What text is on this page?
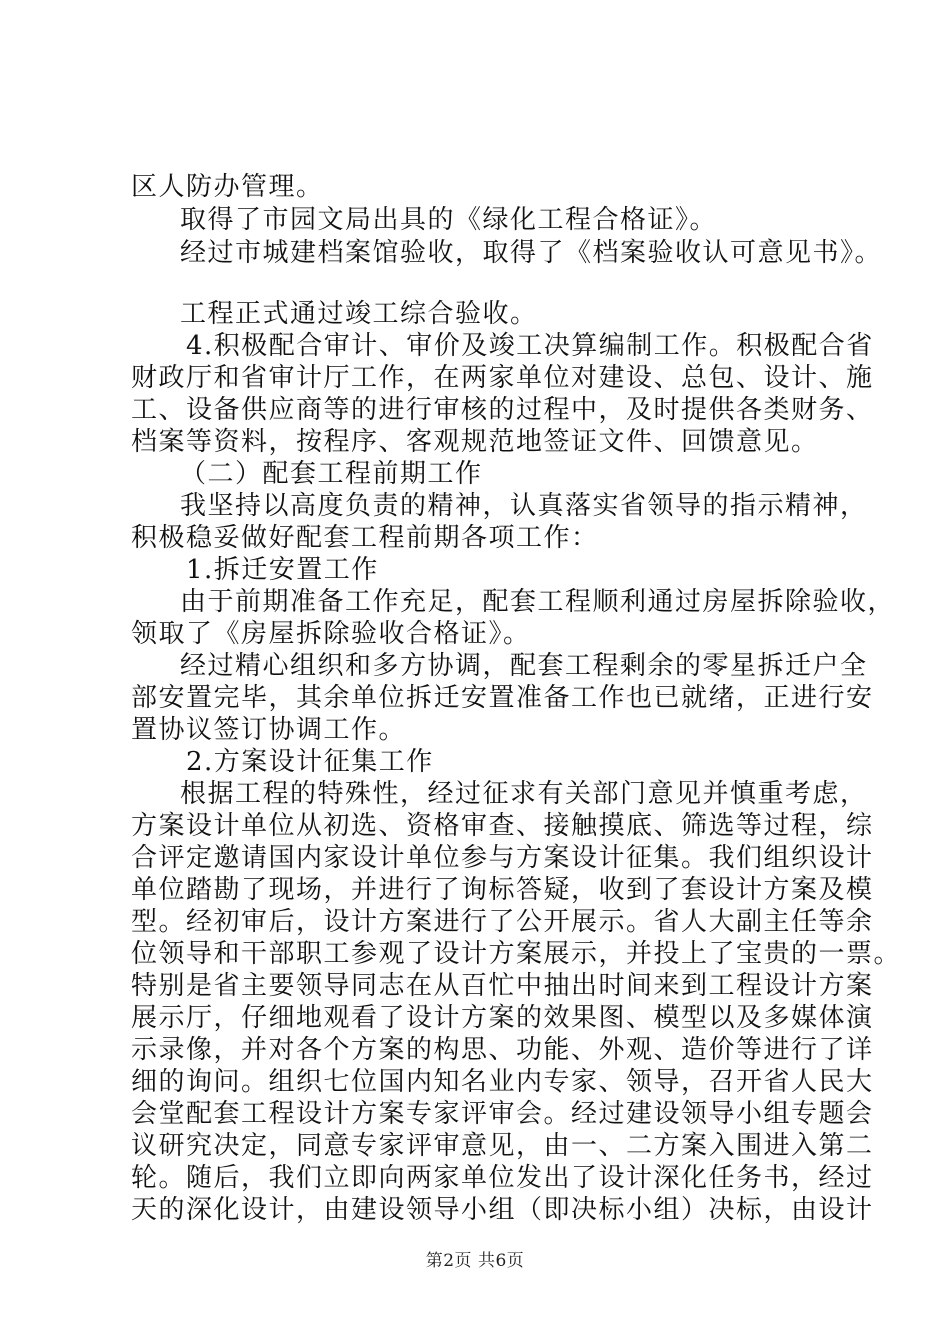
区人防办管理。
取得了市园文局出具的《绿化工程合格证》。
经过市城建档案馆验收，取得了《档案验收认可意见书》。
工程正式通过竣工综合验收。
4.积极配合审计、审价及竣工决算编制工作。积极配合省
财政厅和省审计厅工作，在两家单位对建设、总包、设计、施
工、设备供应商等的进行审核的过程中，及时提供各类财务、
档案等资料，按程序、客观规范地签证文件、回馈意见。
（二）配套工程前期工作
我坚持以高度负责的精神，认真落实省领导的指示精神，
积极稳妥做好配套工程前期各项工作：
1.拆迁安置工作
由于前期准备工作充足，配套工程顺利通过房屋拆除验收，
领取了《房屋拆除验收合格证》。
经过精心组织和多方协调，配套工程剩余的零星拆迁户全
部安置完毕，其余单位拆迁安置准备工作也已就绪，正进行安
置协议签订协调工作。
2.方案设计征集工作
根据工程的特殊性，经过征求有关部门意见并慎重考虑，
方案设计单位从初选、资格审查、接触摸底、筛选等过程，综
合评定邀请国内家设计单位参与方案设计征集。我们组织设计
单位踏勘了现场，并进行了询标答疑，收到了套设计方案及模
型。经初审后，设计方案进行了公开展示。省人大副主任等余
位领导和干部职工参观了设计方案展示，并投上了宝贵的一票。
特别是省主要领导同志在从百忙中抽出时间来到工程设计方案
展示厅，仔细地观看了设计方案的效果图、模型以及多媒体演
示录像，并对各个方案的构思、功能、外观、造价等进行了详
细的询问。组织七位国内知名业内专家、领导，召开省人民大
会堂配套工程设计方案专家评审会。经过建设领导小组专题会
议研究决定，同意专家评审意见，由一、二方案入围进入第二
轮。随后，我们立即向两家单位发出了设计深化任务书，经过
天的深化设计，由建设领导小组（即决标小组）决标，由设计
第2页 共6页
